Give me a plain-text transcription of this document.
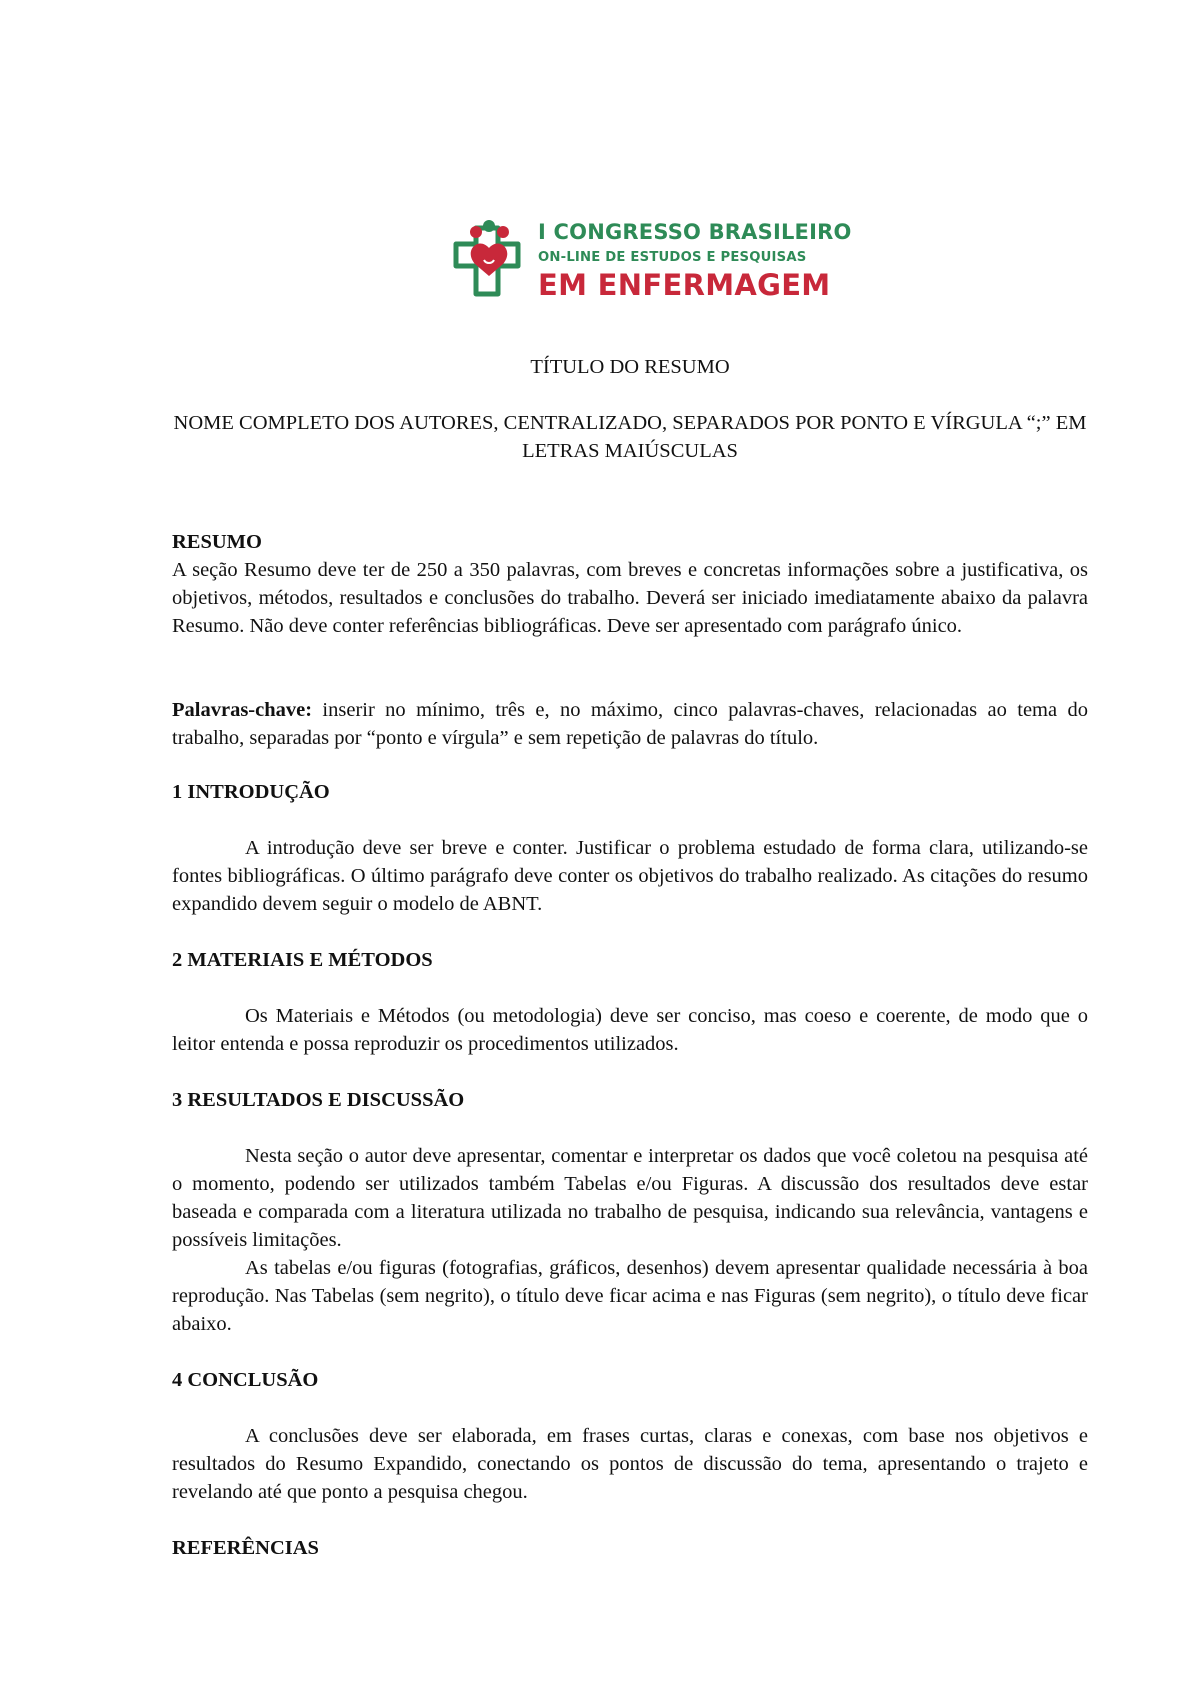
I CONGRESSO BRASILEIRO
ON-LINE DE ESTUDOS E PESQUISAS
EM ENFERMAGEM

TÍTULO DO RESUMO

NOME COMPLETO DOS AUTORES, CENTRALIZADO, SEPARADOS POR PONTO E VÍRGULA “;” EM LETRAS MAIÚSCULAS

RESUMO

A seção Resumo deve ter de 250 a 350 palavras, com breves e concretas informações sobre a justificativa, os objetivos, métodos, resultados e conclusões do trabalho. Deverá ser iniciado imediatamente abaixo da palavra Resumo. Não deve conter referências bibliográficas. Deve ser apresentado com parágrafo único.

Palavras-chave: inserir no mínimo, três e, no máximo, cinco palavras-chaves, relacionadas ao tema do trabalho, separadas por “ponto e vírgula” e sem repetição de palavras do título.

1 INTRODUÇÃO

A introdução deve ser breve e conter. Justificar o problema estudado de forma clara, utilizando-se fontes bibliográficas. O último parágrafo deve conter os objetivos do trabalho realizado. As citações do resumo expandido devem seguir o modelo de ABNT.

2 MATERIAIS E MÉTODOS

Os Materiais e Métodos (ou metodologia) deve ser conciso, mas coeso e coerente, de modo que o leitor entenda e possa reproduzir os procedimentos utilizados.

3 RESULTADOS E DISCUSSÃO

Nesta seção o autor deve apresentar, comentar e interpretar os dados que você coletou na pesquisa até o momento, podendo ser utilizados também Tabelas e/ou Figuras. A discussão dos resultados deve estar baseada e comparada com a literatura utilizada no trabalho de pesquisa, indicando sua relevância, vantagens e possíveis limitações.

As tabelas e/ou figuras (fotografias, gráficos, desenhos) devem apresentar qualidade necessária à boa reprodução. Nas Tabelas (sem negrito), o título deve ficar acima e nas Figuras (sem negrito), o título deve ficar abaixo.

4 CONCLUSÃO

A conclusões deve ser elaborada, em frases curtas, claras e conexas, com base nos objetivos e resultados do Resumo Expandido, conectando os pontos de discussão do tema, apresentando o trajeto e revelando até que ponto a pesquisa chegou.

REFERÊNCIAS
